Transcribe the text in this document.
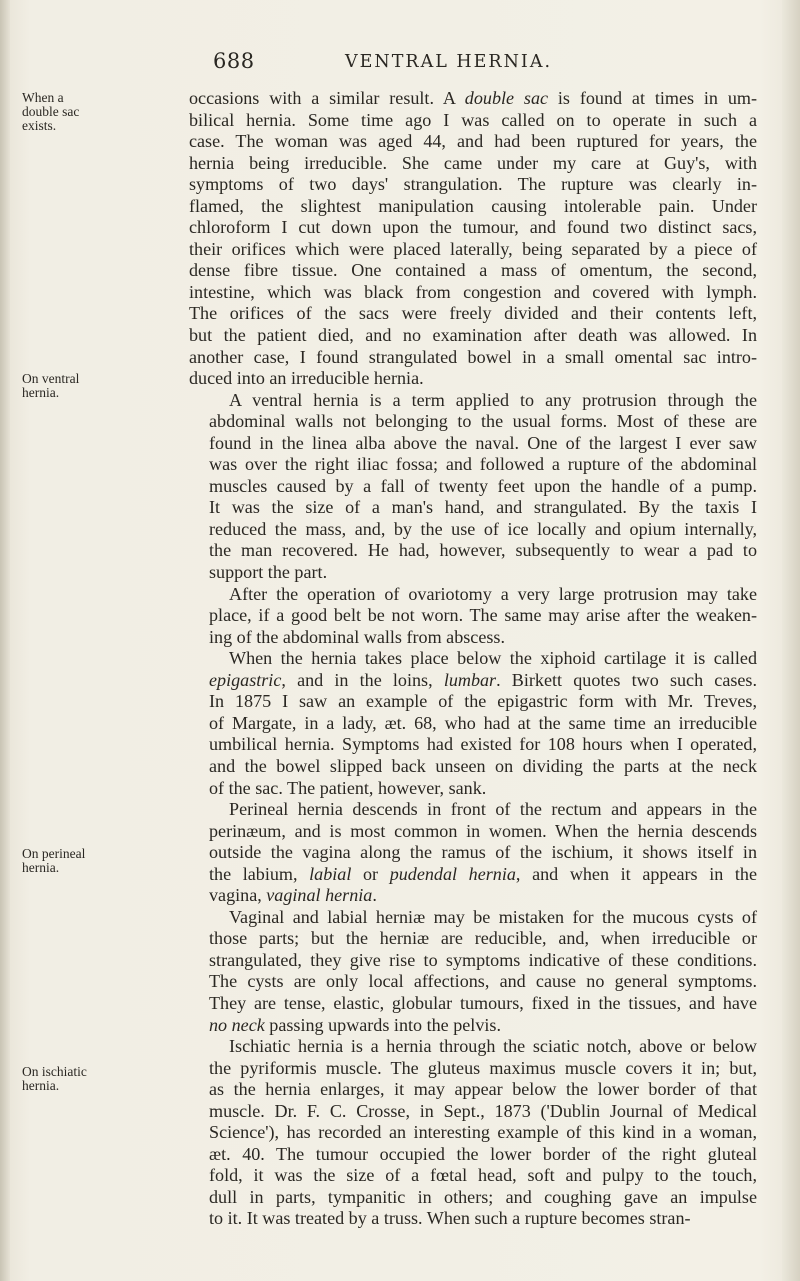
688	VENTRAL HERNIA.
When a
double sac
exists.
On ventral
hernia.
On perineal
hernia.
On ischiatic
hernia.
occasions with a similar result. A double sac is found at times in um-
bilical hernia. Some time ago I was called on to operate in such a
case. The woman was aged 44, and had been ruptured for years, the
hernia being irreducible. She came under my care at Guy's, with
symptoms of two days' strangulation. The rupture was clearly in-
flamed, the slightest manipulation causing intolerable pain. Under
chloroform I cut down upon the tumour, and found two distinct sacs,
their orifices which were placed laterally, being separated by a piece of
dense fibre tissue. One contained a mass of omentum, the second,
intestine, which was black from congestion and covered with lymph.
The orifices of the sacs were freely divided and their contents left,
but the patient died, and no examination after death was allowed. In
another case, I found strangulated bowel in a small omental sac intro-
duced into an irreducible hernia.
A ventral hernia is a term applied to any protrusion through the
abdominal walls not belonging to the usual forms. Most of these are
found in the linea alba above the naval. One of the largest I ever saw
was over the right iliac fossa; and followed a rupture of the abdominal
muscles caused by a fall of twenty feet upon the handle of a pump.
It was the size of a man's hand, and strangulated. By the taxis I
reduced the mass, and, by the use of ice locally and opium internally,
the man recovered. He had, however, subsequently to wear a pad to
support the part.
After the operation of ovariotomy a very large protrusion may take
place, if a good belt be not worn. The same may arise after the weaken-
ing of the abdominal walls from abscess.
When the hernia takes place below the xiphoid cartilage it is called
epigastric, and in the loins, lumbar. Birkett quotes two such cases.
In 1875 I saw an example of the epigastric form with Mr. Treves,
of Margate, in a lady, æt. 68, who had at the same time an irreducible
umbilical hernia. Symptoms had existed for 108 hours when I operated,
and the bowel slipped back unseen on dividing the parts at the neck
of the sac. The patient, however, sank.
Perineal hernia descends in front of the rectum and appears in the
perinæum, and is most common in women. When the hernia descends
outside the vagina along the ramus of the ischium, it shows itself in
the labium, labial or pudendal hernia, and when it appears in the
vagina, vaginal hernia.
Vaginal and labial herniæ may be mistaken for the mucous cysts of
those parts; but the herniæ are reducible, and, when irreducible or
strangulated, they give rise to symptoms indicative of these conditions.
The cysts are only local affections, and cause no general symptoms.
They are tense, elastic, globular tumours, fixed in the tissues, and have
no neck passing upwards into the pelvis.
Ischiatic hernia is a hernia through the sciatic notch, above or below
the pyriformis muscle. The gluteus maximus muscle covers it in; but,
as the hernia enlarges, it may appear below the lower border of that
muscle. Dr. F. C. Crosse, in Sept., 1873 ('Dublin Journal of Medical
Science'), has recorded an interesting example of this kind in a woman,
æt. 40. The tumour occupied the lower border of the right gluteal
fold, it was the size of a fœtal head, soft and pulpy to the touch,
dull in parts, tympanitic in others; and coughing gave an impulse
to it. It was treated by a truss. When such a rupture becomes stran-
